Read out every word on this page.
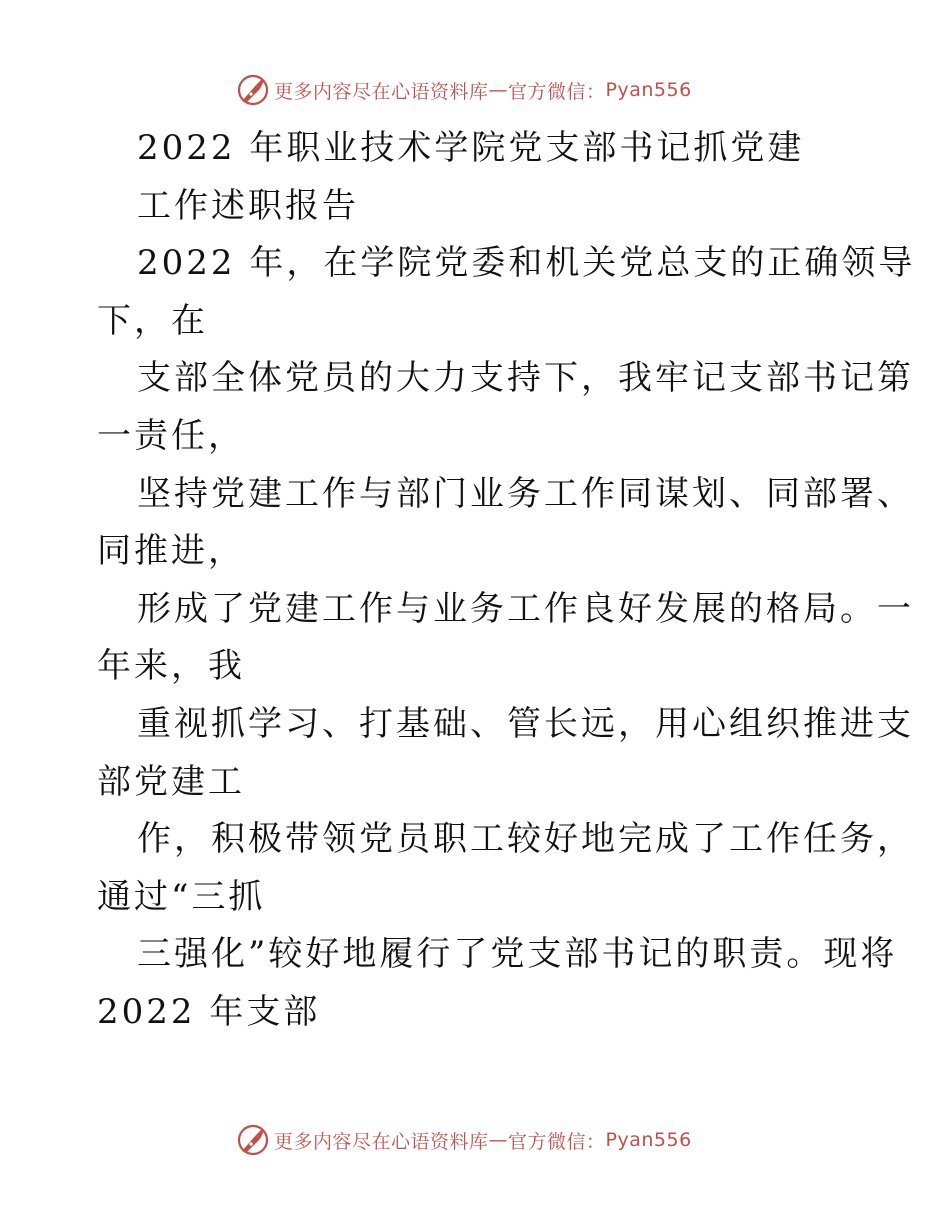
更多内容尽在心语资料库 — 官方微信： Pyan556
2022 年职业技术学院党支部书记抓党建
工作述职报告
2022 年，在学院党委和机关党总支的正确领导
下，在
支部全体党员的大力支持下，我牢记支部书记第
一责任，
坚持党建工作与部门业务工作同谋划、同部署、
同推进，
形成了党建工作与业务工作良好发展的格局。一
年来，我
重视抓学习、打基础、管长远，用心组织推进支
部党建工
作，积极带领党员职工较好地完成了工作任务，
通过“三抓
三强化”较好地履行了党支部书记的职责。现将
2022 年支部
更多内容尽在心语资料库 — 官方微信： Pyan556
